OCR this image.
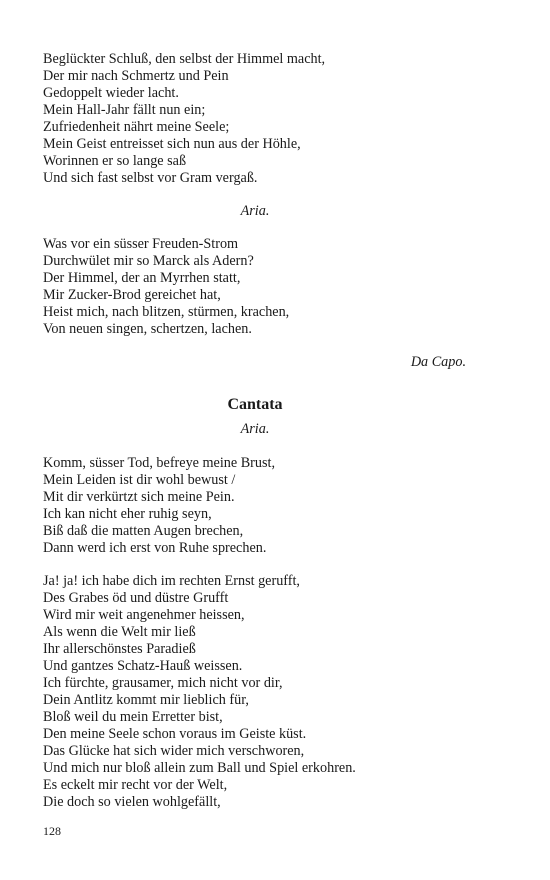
Beglückter Schluß, den selbst der Himmel macht,
Der mir nach Schmertz und Pein
Gedoppelt wieder lacht.
Mein Hall-Jahr fällt nun ein;
Zufriedenheit nährt meine Seele;
Mein Geist entreisset sich nun aus der Höhle,
Worinnen er so lange saß
Und sich fast selbst vor Gram vergaß.
Aria.
Was vor ein süsser Freuden-Strom
Durchwület mir so Marck als Adern?
Der Himmel, der an Myrrhen statt,
Mir Zucker-Brod gereichet hat,
Heist mich, nach blitzen, stürmen, krachen,
Von neuen singen, schertzen, lachen.
Da Capo.
Cantata
Aria.
Komm, süsser Tod, befreye meine Brust,
Mein Leiden ist dir wohl bewust /
Mit dir verkürtzt sich meine Pein.
Ich kan nicht eher ruhig seyn,
Biß daß die matten Augen brechen,
Dann werd ich erst von Ruhe sprechen.
Ja! ja! ich habe dich im rechten Ernst gerufft,
Des Grabes öd und düstre Grufft
Wird mir weit angenehmer heissen,
Als wenn die Welt mir ließ
Ihr allerschönstes Paradieß
Und gantzes Schatz-Hauß weissen.
Ich fürchte, grausamer, mich nicht vor dir,
Dein Antlitz kommt mir lieblich für,
Bloß weil du mein Erretter bist,
Den meine Seele schon voraus im Geiste küst.
Das Glücke hat sich wider mich verschworen,
Und mich nur bloß allein zum Ball und Spiel erkohren.
Es eckelt mir recht vor der Welt,
Die doch so vielen wohlgefällt,
128
